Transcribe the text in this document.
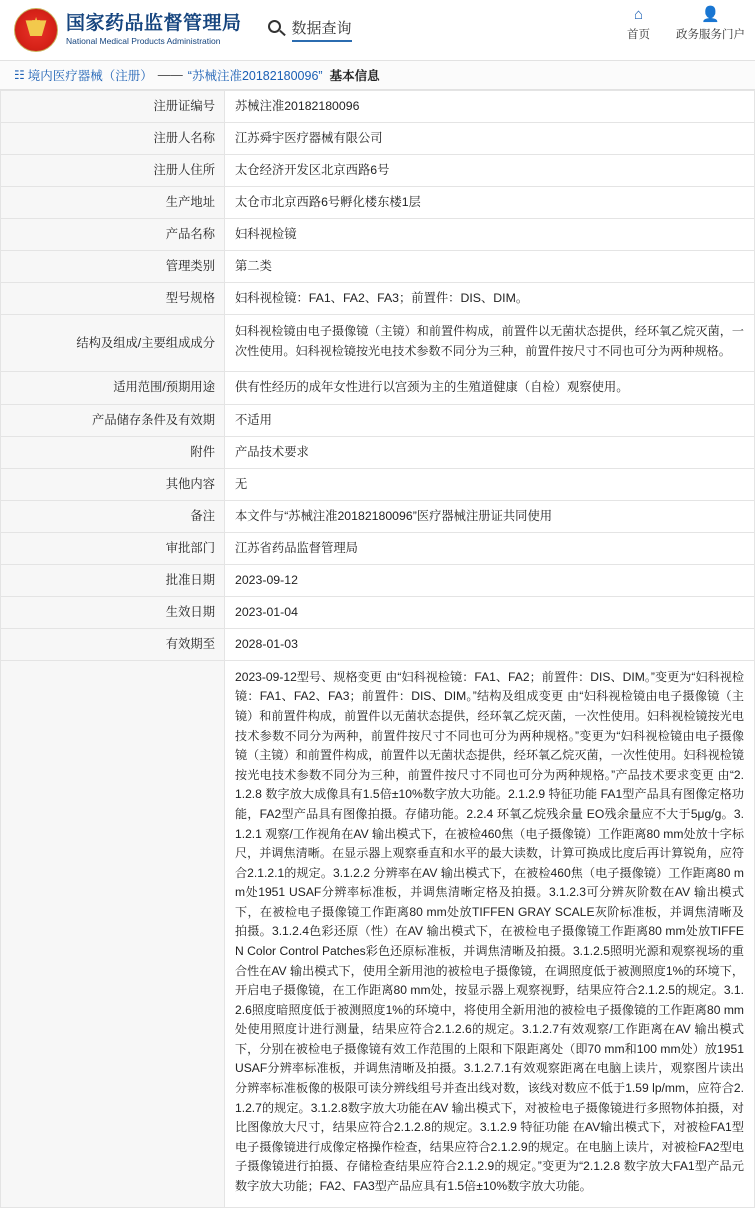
★
国家药品监督管理局
National Medical Products Administration
数据查询
⌂
首页
👤
政务服务门户
☷ 境内医疗器械（注册） —— “苏械注准20182180096” 基本信息
注册证编号	苏械注准20182180096
注册人名称	江苏舜宇医疗器械有限公司
注册人住所	太仓经济开发区北京西路6号
生产地址	太仓市北京西路6号孵化楼东楼1层
产品名称	妇科视检镜
管理类别	第二类
型号规格	妇科视检镜：FA1、FA2、FA3；前置件：DIS、DIM。
结构及组成/主要组成成分	妇科视检镜由电子摄像镜（主镜）和前置件构成，前置件以无菌状态提供，经环氧乙烷灭菌，一次性使用。妇科视检镜按光电技术参数不同分为三种，前置件按尺寸不同也可分为两种规格。
适用范围/预期用途	供有性经历的成年女性进行以宫颈为主的生殖道健康（自检）观察使用。
产品储存条件及有效期	不适用
附件	产品技术要求
其他内容	无
备注	本文件与“苏械注准20182180096”医疗器械注册证共同使用
审批部门	江苏省药品监督管理局
批准日期	2023-09-12
生效日期	2023-01-04
有效期至	2028-01-03
	2023-09-12型号、规格变更 由“妇科视检镜：FA1、FA2；前置件：DIS、DIM。”变更为“妇科视检镜：FA1、FA2、FA3；前置件：DIS、DIM。”结构及组成变更 由“妇科视检镜由电子摄像镜（主镜）和前置件构成，前置件以无菌状态提供，经环氧乙烷灭菌，一次性使用。妇科视检镜按光电技术参数不同分为两种，前置件按尺寸不同也可分为两种规格。”变更为“妇科视检镜由电子摄像镜（主镜）和前置件构成，前置件以无菌状态提供，经环氧乙烷灭菌，一次性使用。妇科视检镜按光电技术参数不同分为三种，前置件按尺寸不同也可分为两种规格。”产品技术要求变更 由“2.1.2.8 数字放大成像具有1.5倍±10%数字放大功能。2.1.2.9 特征功能 FA1型产品具有图像定格功能，FA2型产品具有图像拍摄。存储功能。2.2.4 环氧乙烷残余量 EO残余量应不大于5μg/g。3.1.2.1 观察/工作视角在AV 输出模式下，在被检460焦（电子摄像镜）工作距离80 mm处放十字标尺，并调焦清晰。在显示器上观察垂直和水平的最大读数，计算可换成比度后再计算锐角，应符合2.1.2.1的规定。3.1.2.2 分辨率在AV 输出模式下，在被检460焦（电子摄像镜）工作距离80 mm处1951 USAF分辨率标准板，并调焦清晰定格及拍摄。3.1.2.3可分辨灰阶数在AV 输出模式下，在被检电子摄像镜工作距离80 mm处放TIFFEN GRAY SCALE灰阶标准板，并调焦清晰及拍摄。3.1.2.4色彩还原（性）在AV 输出模式下，在被检电子摄像镜工作距离80 mm处放TIFFEN Color Control Patches彩色还原标准板，并调焦清晰及拍摄。3.1.2.5照明光源和观察视场的重合性在AV 输出模式下，使用全新用池的被检电子摄像镜，在调照度低于被测照度1%的环境下，开启电子摄像镜，在工作距离80 mm处，按显示器上观察视野，结果应符合2.1.2.5的规定。3.1.2.6照度暗照度低于被测照度1%的环境中，将使用全新用池的被检电子摄像镜的工作距离80 mm处使用照度计进行测量，结果应符合2.1.2.6的规定。3.1.2.7有效观察/工作距离在AV 输出模式下，分别在被检电子摄像镜有效工作范围的上限和下限距离处（即70 mm和100 mm处）放1951 USAF分辨率标准板，并调焦清晰及拍摄。3.1.2.7.1有效观察距离在电脑上读片，观察图片读出分辨率标准板像的极限可读分辨线组号并查出线对数，该线对数应不低于1.59 lp/mm，应符合2.1.2.7的规定。3.1.2.8数字放大功能在AV 输出模式下，对被检电子摄像镜进行多照物体拍摄，对比图像放大尺寸，结果应符合2.1.2.8的规定。3.1.2.9 特征功能 在AV输出模式下，对被检FA1型电子摄像镜进行成像定格操作检查，结果应符合2.1.2.9的规定。在电脑上读片，对被检FA2型电子摄像镜进行拍摄、存储检查结果应符合2.1.2.9的规定。”变更为“2.1.2.8 数字放大FA1型产品元数字放大功能；FA2、FA3型产品应具有1.5倍±10%数字放大功能。
